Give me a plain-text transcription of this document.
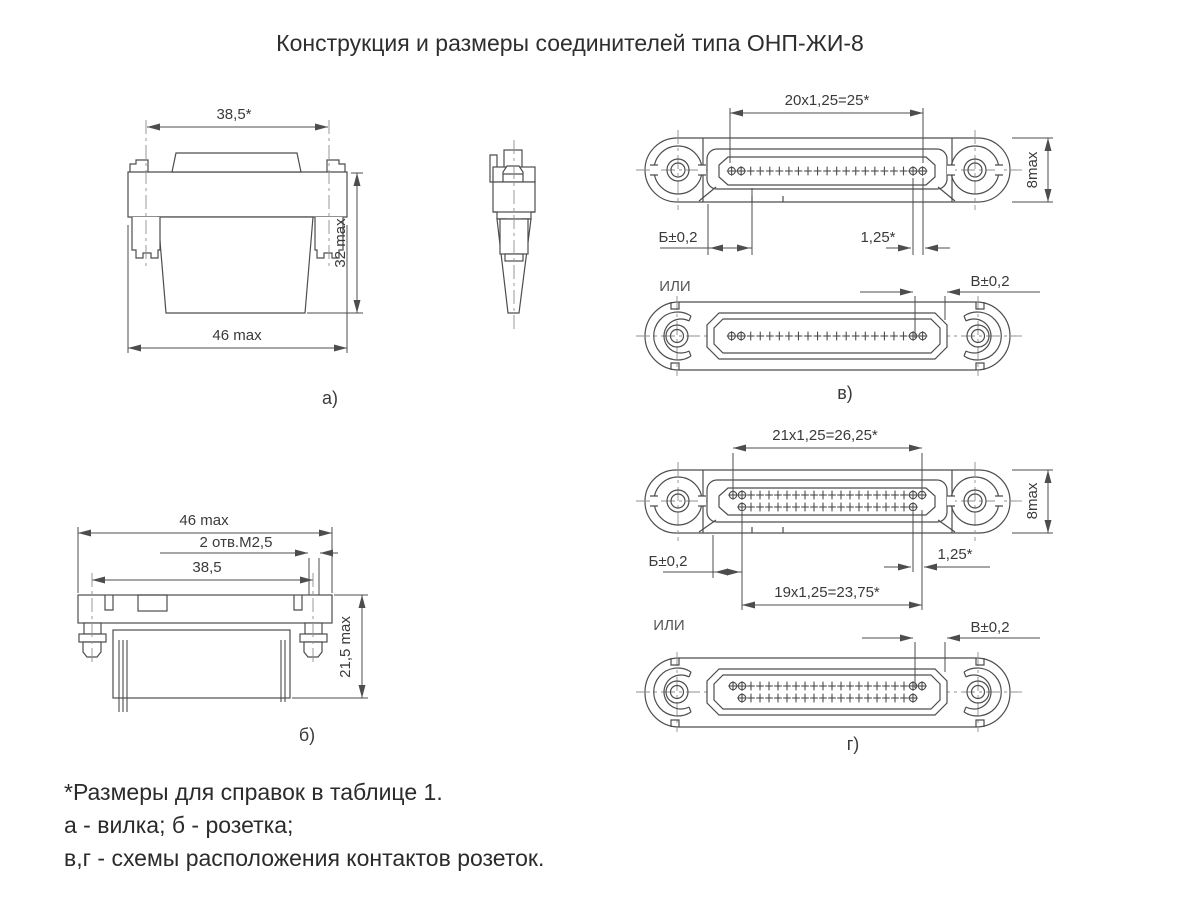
Конструкция и размеры соединителей типа ОНП-ЖИ-8
38,5*
46 max
32 max
а)
20х1,25=25*
Б±0,2	1,25*
8max
ИЛИ	В±0,2
в)
21х1,25=26,25*
Б±0,2	1,25*
19х1,25=23,75*
8max
ИЛИ	В±0,2
г)
46 max
2 отв.М2,5
38,5
21,5 max
б)
*Размеры для справок в таблице 1.
а - вилка; б - розетка;
в,г - схемы расположения контактов розеток.
